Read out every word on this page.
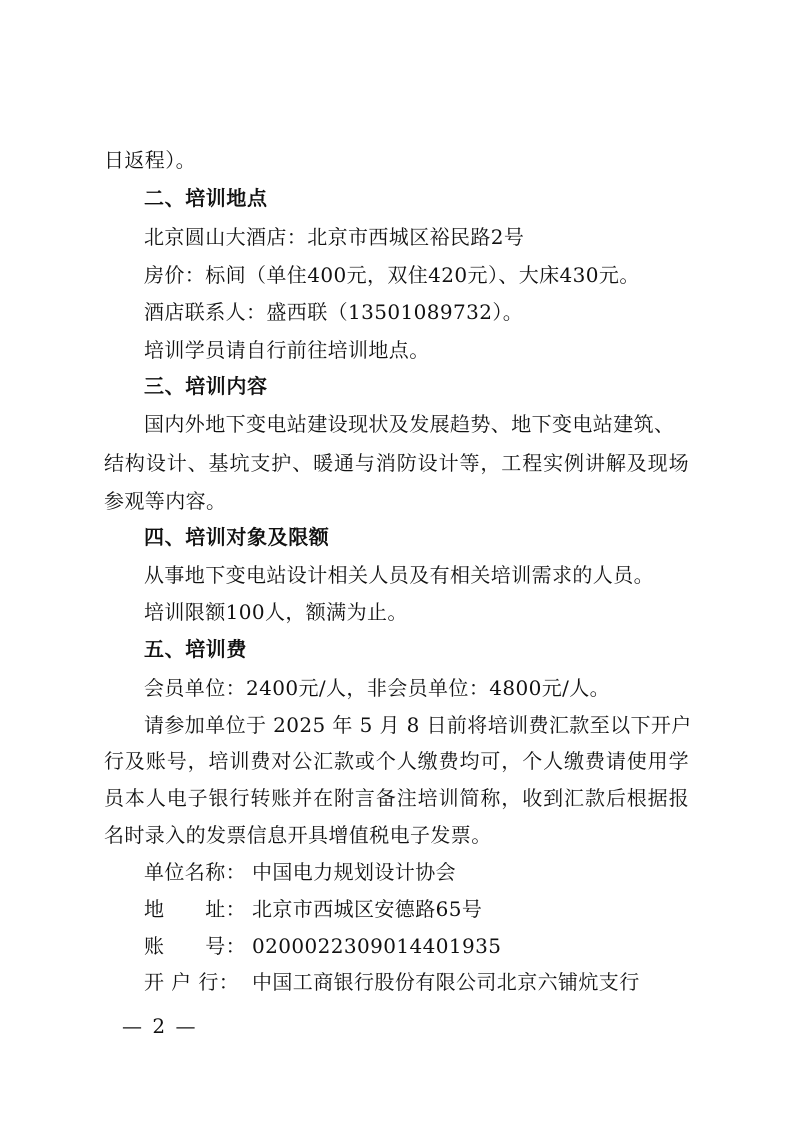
日返程）。
二、培训地点
北京圆山大酒店：北京市西城区裕民路2号
房价：标间（单住400元，双住420元）、大床430元。
酒店联系人：盛西联（13501089732）。
培训学员请自行前往培训地点。
三、培训内容
国内外地下变电站建设现状及发展趋势、地下变电站建筑、
结构设计、基坑支护、暖通与消防设计等，工程实例讲解及现场
参观等内容。
四、培训对象及限额
从事地下变电站设计相关人员及有相关培训需求的人员。
培训限额100人，额满为止。
五、培训费
会员单位：2400元/人，非会员单位：4800元/人。
请参加单位于 2025 年 5 月 8 日前将培训费汇款至以下开户
行及账号，培训费对公汇款或个人缴费均可，个人缴费请使用学
员本人电子银行转账并在附言备注培训简称，收到汇款后根据报
名时录入的发票信息开具增值税电子发票。
单位名称： 中国电力规划设计协会
地　　址： 北京市西城区安德路65号
账　　号： 0200022309014401935
开 户 行： 中国工商银行股份有限公司北京六铺炕支行
— 2 —
